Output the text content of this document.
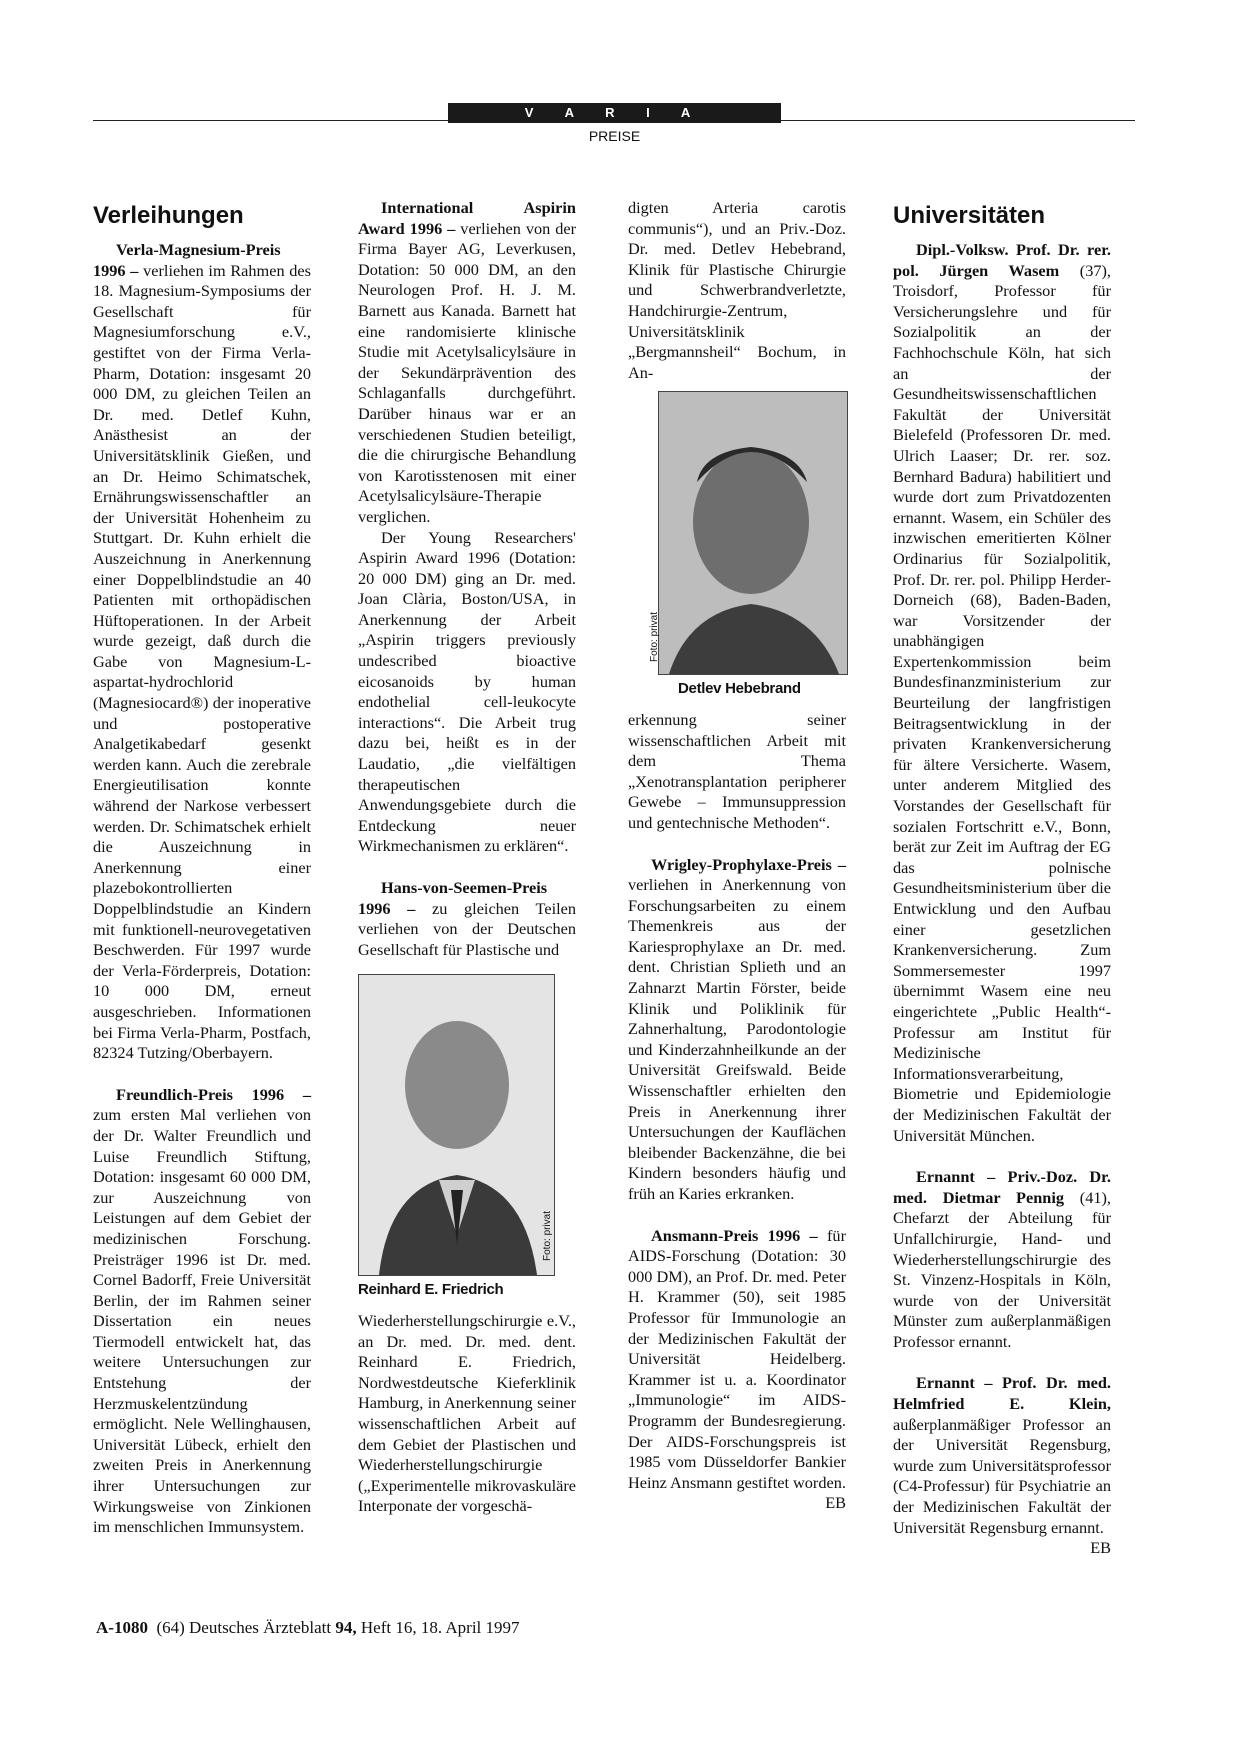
V A R I A
PREISE
Verleihungen

Verla-Magnesium-Preis 1996 – verliehen im Rahmen des 18. Magnesium-Symposiums der Gesellschaft für Magnesiumforschung e.V., gestiftet von der Firma Verla-Pharm, Dotation: insgesamt 20 000 DM, zu gleichen Teilen an Dr. med. Detlef Kuhn, Anästhesist an der Universitätsklinik Gießen, und an Dr. Heimo Schimatschek, Ernährungswissenschaftler an der Universität Hohenheim zu Stuttgart. Dr. Kuhn erhielt die Auszeichnung in Anerkennung einer Doppelblindstudie an 40 Patienten mit orthopädischen Hüftoperationen. In der Arbeit wurde gezeigt, daß durch die Gabe von Magnesium-L-aspartat-hydrochlorid (Magnesiocard®) der inoperative und postoperative Analgetikabedarf gesenkt werden kann. Auch die zerebrale Energieutilisation konnte während der Narkose verbessert werden. Dr. Schimatschek erhielt die Auszeichnung in Anerkennung einer plazebokontrollierten Doppelblindstudie an Kindern mit funktionell-neurovegetativen Beschwerden. Für 1997 wurde der Verla-Förderpreis, Dotation: 10 000 DM, erneut ausgeschrieben. Informationen bei Firma Verla-Pharm, Postfach, 82324 Tutzing/Oberbayern.

Freundlich-Preis 1996 – zum ersten Mal verliehen von der Dr. Walter Freundlich und Luise Freundlich Stiftung, Dotation: insgesamt 60 000 DM, zur Auszeichnung von Leistungen auf dem Gebiet der medizinischen Forschung. Preisträger 1996 ist Dr. med. Cornel Badorff, Freie Universität Berlin, der im Rahmen seiner Dissertation ein neues Tiermodell entwickelt hat, das weitere Untersuchungen zur Entstehung der Herzmuskelentzündung ermöglicht. Nele Wellinghausen, Universität Lübeck, erhielt den zweiten Preis in Anerkennung ihrer Untersuchungen zur Wirkungsweise von Zinkionen im menschlichen Immunsystem.

International Aspirin Award 1996 – verliehen von der Firma Bayer AG, Leverkusen, Dotation: 50 000 DM, an den Neurologen Prof. H. J. M. Barnett aus Kanada. Barnett hat eine randomisierte klinische Studie mit Acetylsalicylsäure in der Sekundärprävention des Schlaganfalls durchgeführt. Darüber hinaus war er an verschiedenen Studien beteiligt, die die chirurgische Behandlung von Karotisstenosen mit einer Acetylsalicylsäure-Therapie verglichen.

Der Young Researchers' Aspirin Award 1996 (Dotation: 20 000 DM) ging an Dr. med. Joan Clària, Boston/USA, in Anerkennung der Arbeit „Aspirin triggers previously undescribed bioactive eicosanoids by human endothelial cell-leukocyte interactions“. Die Arbeit trug dazu bei, heißt es in der Laudatio, „die vielfältigen therapeutischen Anwendungsgebiete durch die Entdeckung neuer Wirkmechanismen zu erklären“.

Hans-von-Seemen-Preis 1996 – zu gleichen Teilen verliehen von der Deutschen Gesellschaft für Plastische und

Foto: privat
Reinhard E. Friedrich

Wiederherstellungschirurgie e.V., an Dr. med. Dr. med. dent. Reinhard E. Friedrich, Nordwestdeutsche Kieferklinik Hamburg, in Anerkennung seiner wissenschaftlichen Arbeit auf dem Gebiet der Plastischen und Wiederherstellungschirurgie („Experimentelle mikrovaskuläre Interponate der vorgeschä-

digten Arteria carotis communis“), und an Priv.-Doz. Dr. med. Detlev Hebebrand, Klinik für Plastische Chirurgie und Schwerbrandverletzte, Handchirurgie-Zentrum, Universitätsklinik „Bergmannsheil“ Bochum, in An-

Foto: privat
Detlev Hebebrand

erkennung seiner wissenschaftlichen Arbeit mit dem Thema „Xenotransplantation peripherer Gewebe – Immunsuppression und gentechnische Methoden“.

Wrigley-Prophylaxe-Preis – verliehen in Anerkennung von Forschungsarbeiten zu einem Themenkreis aus der Kariesprophylaxe an Dr. med. dent. Christian Splieth und an Zahnarzt Martin Förster, beide Klinik und Poliklinik für Zahnerhaltung, Parodontologie und Kinderzahnheilkunde an der Universität Greifswald. Beide Wissenschaftler erhielten den Preis in Anerkennung ihrer Untersuchungen der Kauflächen bleibender Backenzähne, die bei Kindern besonders häufig und früh an Karies erkranken.

Ansmann-Preis 1996 – für AIDS-Forschung (Dotation: 30 000 DM), an Prof. Dr. med. Peter H. Krammer (50), seit 1985 Professor für Immunologie an der Medizinischen Fakultät der Universität Heidelberg. Krammer ist u. a. Koordinator „Immunologie“ im AIDS-Programm der Bundesregierung. Der AIDS-Forschungspreis ist 1985 vom Düsseldorfer Bankier Heinz Ansmann gestiftet worden.
EB

Universitäten

Dipl.-Volksw. Prof. Dr. rer. pol. Jürgen Wasem (37), Troisdorf, Professor für Versicherungslehre und für Sozialpolitik an der Fachhochschule Köln, hat sich an der Gesundheitswissenschaftlichen Fakultät der Universität Bielefeld (Professoren Dr. med. Ulrich Laaser; Dr. rer. soz. Bernhard Badura) habilitiert und wurde dort zum Privatdozenten ernannt. Wasem, ein Schüler des inzwischen emeritierten Kölner Ordinarius für Sozialpolitik, Prof. Dr. rer. pol. Philipp Herder-Dorneich (68), Baden-Baden, war Vorsitzender der unabhängigen Expertenkommission beim Bundesfinanzministerium zur Beurteilung der langfristigen Beitragsentwicklung in der privaten Krankenversicherung für ältere Versicherte. Wasem, unter anderem Mitglied des Vorstandes der Gesellschaft für sozialen Fortschritt e.V., Bonn, berät zur Zeit im Auftrag der EG das polnische Gesundheitsministerium über die Entwicklung und den Aufbau einer gesetzlichen Krankenversicherung. Zum Sommersemester 1997 übernimmt Wasem eine neu eingerichtete „Public Health“-Professur am Institut für Medizinische Informationsverarbeitung, Biometrie und Epidemiologie der Medizinischen Fakultät der Universität München.

Ernannt – Priv.-Doz. Dr. med. Dietmar Pennig (41), Chefarzt der Abteilung für Unfallchirurgie, Hand- und Wiederherstellungschirurgie des St. Vinzenz-Hospitals in Köln, wurde von der Universität Münster zum außerplanmäßigen Professor ernannt.

Ernannt – Prof. Dr. med. Helmfried E. Klein, außerplanmäßiger Professor an der Universität Regensburg, wurde zum Universitätsprofessor (C4-Professur) für Psychiatrie an der Medizinischen Fakultät der Universität Regensburg ernannt.
EB

A-1080 (64) Deutsches Ärzteblatt 94, Heft 16, 18. April 1997
